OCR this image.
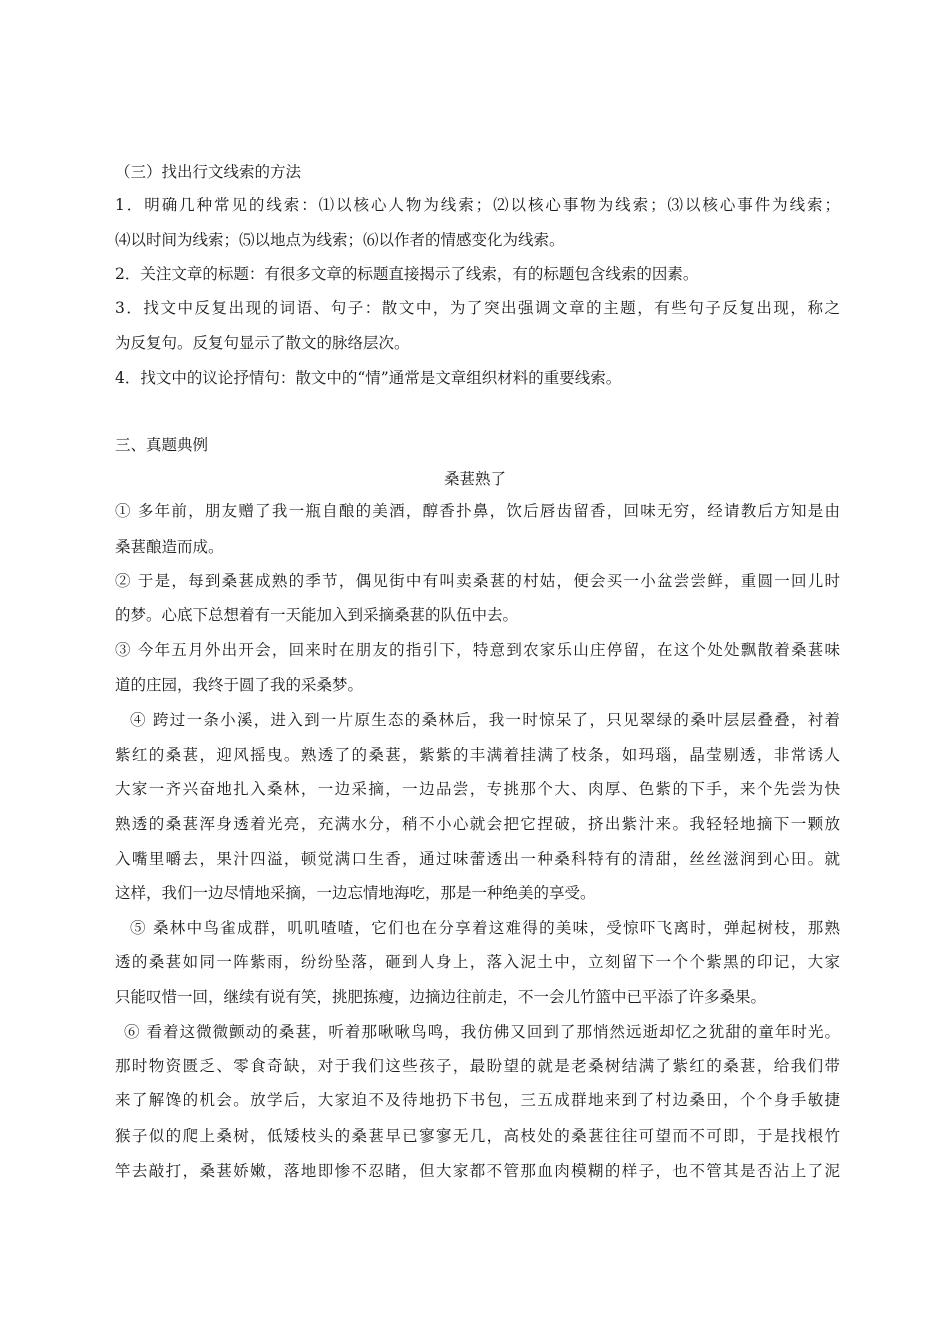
（三）找出行文线索的方法
1．明确几种常见的线索：⑴以核心人物为线索；⑵以核心事物为线索；⑶以核心事件为线索；
⑷以时间为线索；⑸以地点为线索；⑹以作者的情感变化为线索。
2．关注文章的标题：有很多文章的标题直接揭示了线索，有的标题包含线索的因素。
3．找文中反复出现的词语、句子：散文中，为了突出强调文章的主题，有些句子反复出现，称之
为反复句。反复句显示了散文的脉络层次。
4．找文中的议论抒情句：散文中的“情”通常是文章组织材料的重要线索。
三、真题典例
桑葚熟了
① 多年前，朋友赠了我一瓶自酿的美酒，醇香扑鼻，饮后唇齿留香，回味无穷，经请教后方知是由
桑葚酿造而成。
② 于是，每到桑葚成熟的季节，偶见街中有叫卖桑葚的村姑，便会买一小盆尝尝鲜，重圆一回儿时
的梦。心底下总想着有一天能加入到采摘桑葚的队伍中去。
③ 今年五月外出开会，回来时在朋友的指引下，特意到农家乐山庄停留，在这个处处飘散着桑葚味
道的庄园，我终于圆了我的采桑梦。
④ 跨过一条小溪，进入到一片原生态的桑林后，我一时惊呆了，只见翠绿的桑叶层层叠叠，衬着
紫红的桑葚，迎风摇曳。熟透了的桑葚，紫紫的丰满着挂满了枝条，如玛瑙，晶莹剔透，非常诱人
大家一齐兴奋地扎入桑林，一边采摘，一边品尝，专挑那个大、肉厚、色紫的下手，来个先尝为快
熟透的桑葚浑身透着光亮，充满水分，稍不小心就会把它捏破，挤出紫汁来。我轻轻地摘下一颗放
入嘴里嚼去，果汁四溢，顿觉满口生香，通过味蕾透出一种桑科特有的清甜，丝丝滋润到心田。就
这样，我们一边尽情地采摘，一边忘情地海吃，那是一种绝美的享受。
⑤ 桑林中鸟雀成群，叽叽喳喳，它们也在分享着这难得的美味，受惊吓飞离时，弹起树枝，那熟
透的桑葚如同一阵紫雨，纷纷坠落，砸到人身上，落入泥土中，立刻留下一个个紫黑的印记，大家
只能叹惜一回，继续有说有笑，挑肥拣瘦，边摘边往前走，不一会儿竹篮中已平添了许多桑果。
⑥ 看着这微微颤动的桑葚，听着那啾啾鸟鸣，我仿佛又回到了那悄然远逝却忆之犹甜的童年时光。
那时物资匮乏、零食奇缺，对于我们这些孩子，最盼望的就是老桑树结满了紫红的桑葚，给我们带
来了解馋的机会。放学后，大家迫不及待地扔下书包，三五成群地来到了村边桑田，个个身手敏捷
猴子似的爬上桑树，低矮枝头的桑葚早已寥寥无几，高枝处的桑葚往往可望而不可即，于是找根竹
竿去敲打，桑葚娇嫩，落地即惨不忍睹，但大家都不管那血肉模糊的样子，也不管其是否沾上了泥
